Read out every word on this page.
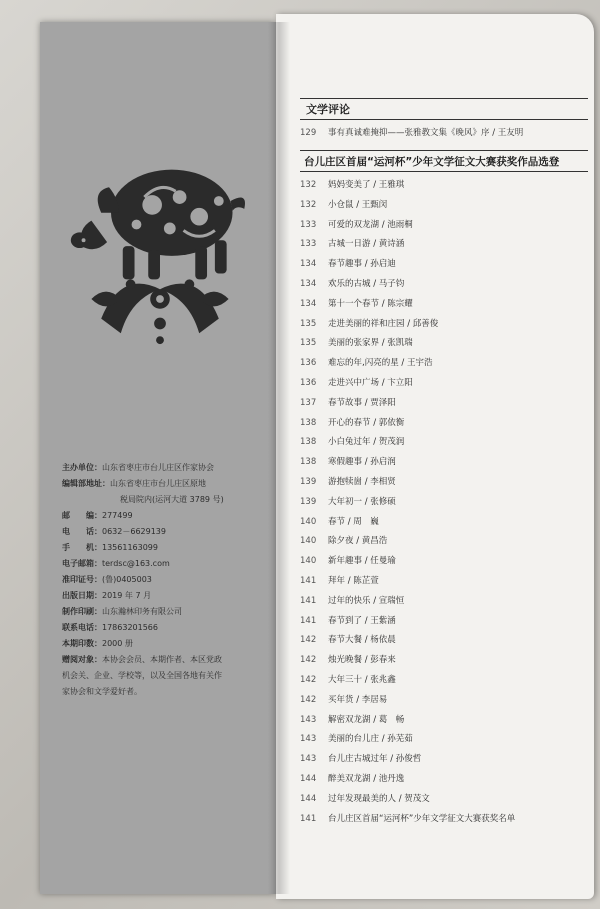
主办单位：山东省枣庄市台儿庄区作家协会
编辑部地址：山东省枣庄市台儿庄区原地
税局院内(运河大道 3789 号)
邮　　编：277499
电　　话：0632－6629139
手　　机：13561163099
电子邮箱：terdsc@163.com
准印证号：(鲁)0405003
出版日期：2019 年 7 月
制作印刷：山东瀚林印务有限公司
联系电话：17863201566
本期印数：2000 册
赠阅对象：本协会会员、本期作者、本区党政
机会关、企业、学校等，以及全国各地有关作
家协会和文学爱好者。
文学评论
129 事有真诚难掩抑——张雅教文集《晚风》序 / 王友明
台儿庄区首届“运河杯”少年文学征文大赛获奖作品选登
132 妈妈变美了 / 王雅琪
132 小仓鼠 / 王甄闵
133 可爱的双龙湖 / 池雨桐
133 古城一日游 / 黄诗涵
134 春节趣事 / 孙启迪
134 欢乐的古城 / 马子钧
134 第十一个春节 / 陈宗耀
135 走进美丽的祥和庄园 / 邱善俊
135 美丽的张家界 / 张凯瑞
136 难忘的年,闪亮的星 / 王宇浩
136 走进兴中广场 / 卞立阳
137 春节故事 / 贾泽阳
138 开心的春节 / 郭依衡
138 小白兔过年 / 贺茂润
138 寒假趣事 / 孙启润
139 游抱犊崮 / 李相贤
139 大年初一 / 张修硕
140 春节 / 周　巍
140 除夕夜 / 黄昌浩
140 新年趣事 / 任曼瑜
141 拜年 / 陈芷萱
141 过年的快乐 / 宣瑞恒
141 春节到了 / 王紫涵
142 春节大餐 / 杨依晨
142 烛光晚餐 / 彭春来
142 大年三十 / 张兆鑫
142 买年货 / 李居易
143 解密双龙湖 / 葛　畅
143 美丽的台儿庄 / 孙芜茹
143 台儿庄古城过年 / 孙俊哲
144 醉美双龙湖 / 池丹逸
144 过年发现最美的人 / 贺茂文
141 台儿庄区首届“运河杯”少年文学征文大赛获奖名单
